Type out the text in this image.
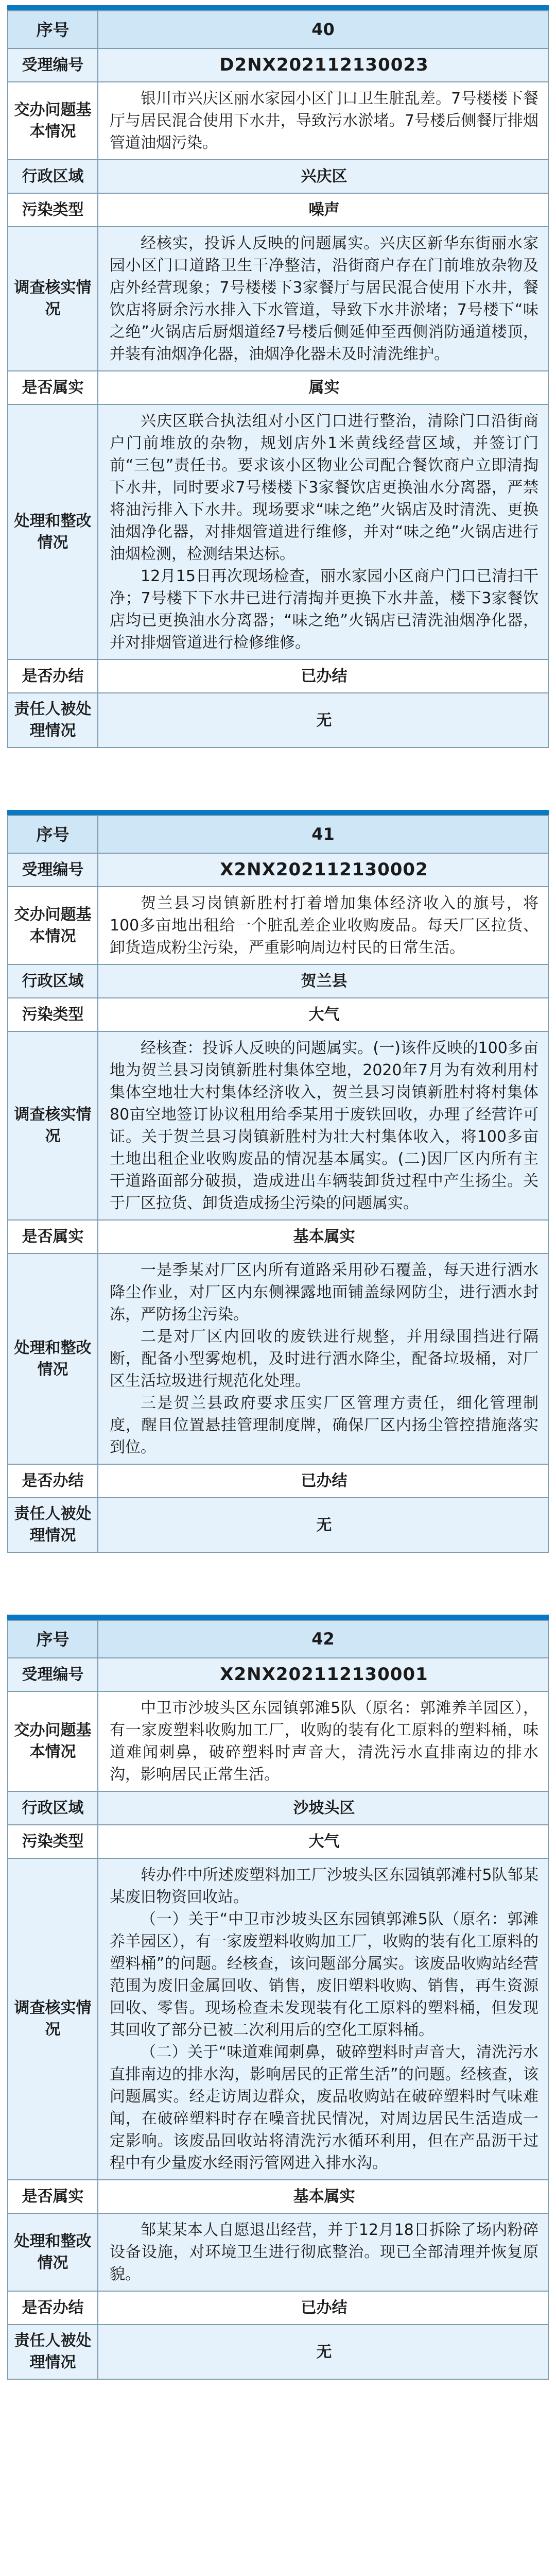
序号	40
受理编号	D2NX202112130023
交办问题基本情况	银川市兴庆区丽水家园小区门口卫生脏乱差。7号楼楼下餐厅与居民混合使用下水井，导致污水淤堵。7号楼后侧餐厅排烟管道油烟污染。

行政区域	兴庆区
污染类型	噪声
调查核实情况	经核实，投诉人反映的问题属实。兴庆区新华东街丽水家园小区门口道路卫生干净整洁，沿街商户存在门前堆放杂物及店外经营现象；7号楼楼下3家餐厅与居民混合使用下水井，餐饮店将厨余污水排入下水管道，导致下水井淤堵；7号楼下“味之绝”火锅店后厨烟道经7号楼后侧延伸至西侧消防通道楼顶，并装有油烟净化器，油烟净化器未及时清洗维护。

是否属实	属实
处理和整改情况	兴庆区联合执法组对小区门口进行整治，清除门口沿街商户门前堆放的杂物，规划店外1米黄线经营区域，并签订门前“三包”责任书。要求该小区物业公司配合餐饮商户立即清掏下水井，同时要求7号楼楼下3家餐饮店更换油水分离器，严禁将油污排入下水井。现场要求“味之绝”火锅店及时清洗、更换油烟净化器，对排烟管道进行维修，并对“味之绝”火锅店进行油烟检测，检测结果达标。

12月15日再次现场检查，丽水家园小区商户门口已清扫干净；7号楼下下水井已进行清掏并更换下水井盖，楼下3家餐饮店均已更换油水分离器；“味之绝”火锅店已清洗油烟净化器，并对排烟管道进行检修维修。

是否办结	已办结
责任人被处理情况	无
序号	41
受理编号	X2NX202112130002
交办问题基本情况	贺兰县习岗镇新胜村打着增加集体经济收入的旗号，将100多亩地出租给一个脏乱差企业收购废品。每天厂区拉货、卸货造成粉尘污染，严重影响周边村民的日常生活。

行政区域	贺兰县
污染类型	大气
调查核实情况	经核查：投诉人反映的问题属实。(一)该件反映的100多亩地为贺兰县习岗镇新胜村集体空地，2020年7月为有效利用村集体空地壮大村集体经济收入，贺兰县习岗镇新胜村将村集体80亩空地签订协议租用给季某用于废铁回收，办理了经营许可证。关于贺兰县习岗镇新胜村为壮大村集体收入，将100多亩土地出租企业收购废品的情况基本属实。(二)因厂区内所有主干道路面部分破损，造成进出车辆装卸货过程中产生扬尘。关于厂区拉货、卸货造成扬尘污染的问题属实。

是否属实	基本属实
处理和整改情况	一是季某对厂区内所有道路采用砂石覆盖，每天进行洒水降尘作业，对厂区内东侧裸露地面铺盖绿网防尘，进行洒水封冻，严防扬尘污染。

二是对厂区内回收的废铁进行规整，并用绿围挡进行隔断，配备小型雾炮机，及时进行洒水降尘，配备垃圾桶，对厂区生活垃圾进行规范化处理。

三是贺兰县政府要求压实厂区管理方责任，细化管理制度，醒目位置悬挂管理制度牌，确保厂区内扬尘管控措施落实到位。

是否办结	已办结
责任人被处理情况	无
序号	42
受理编号	X2NX202112130001
交办问题基本情况	中卫市沙坡头区东园镇郭滩5队（原名：郭滩养羊园区），有一家废塑料收购加工厂，收购的装有化工原料的塑料桶，味道难闻刺鼻，破碎塑料时声音大，清洗污水直排南边的排水沟，影响居民正常生活。

行政区域	沙坡头区
污染类型	大气
调查核实情况	转办件中所述废塑料加工厂沙坡头区东园镇郭滩村5队邹某某废旧物资回收站。

（一）关于“中卫市沙坡头区东园镇郭滩5队（原名：郭滩养羊园区），有一家废塑料收购加工厂，收购的装有化工原料的塑料桶”的问题。经核查，该问题部分属实。该废品收购站经营范围为废旧金属回收、销售，废旧塑料收购、销售，再生资源回收、零售。现场检查未发现装有化工原料的塑料桶，但发现其回收了部分已被二次利用后的空化工原料桶。

（二）关于“味道难闻刺鼻，破碎塑料时声音大，清洗污水直排南边的排水沟，影响居民的正常生活”的问题。经核查，该问题属实。经走访周边群众，废品收购站在破碎塑料时气味难闻，在破碎塑料时存在噪音扰民情况，对周边居民生活造成一定影响。该废品回收站将清洗污水循环利用，但在产品沥干过程中有少量废水经雨污管网进入排水沟。

是否属实	基本属实
处理和整改情况	邹某某本人自愿退出经营，并于12月18日拆除了场内粉碎设备设施，对环境卫生进行彻底整治。现已全部清理并恢复原貌。

是否办结	已办结
责任人被处理情况	无
